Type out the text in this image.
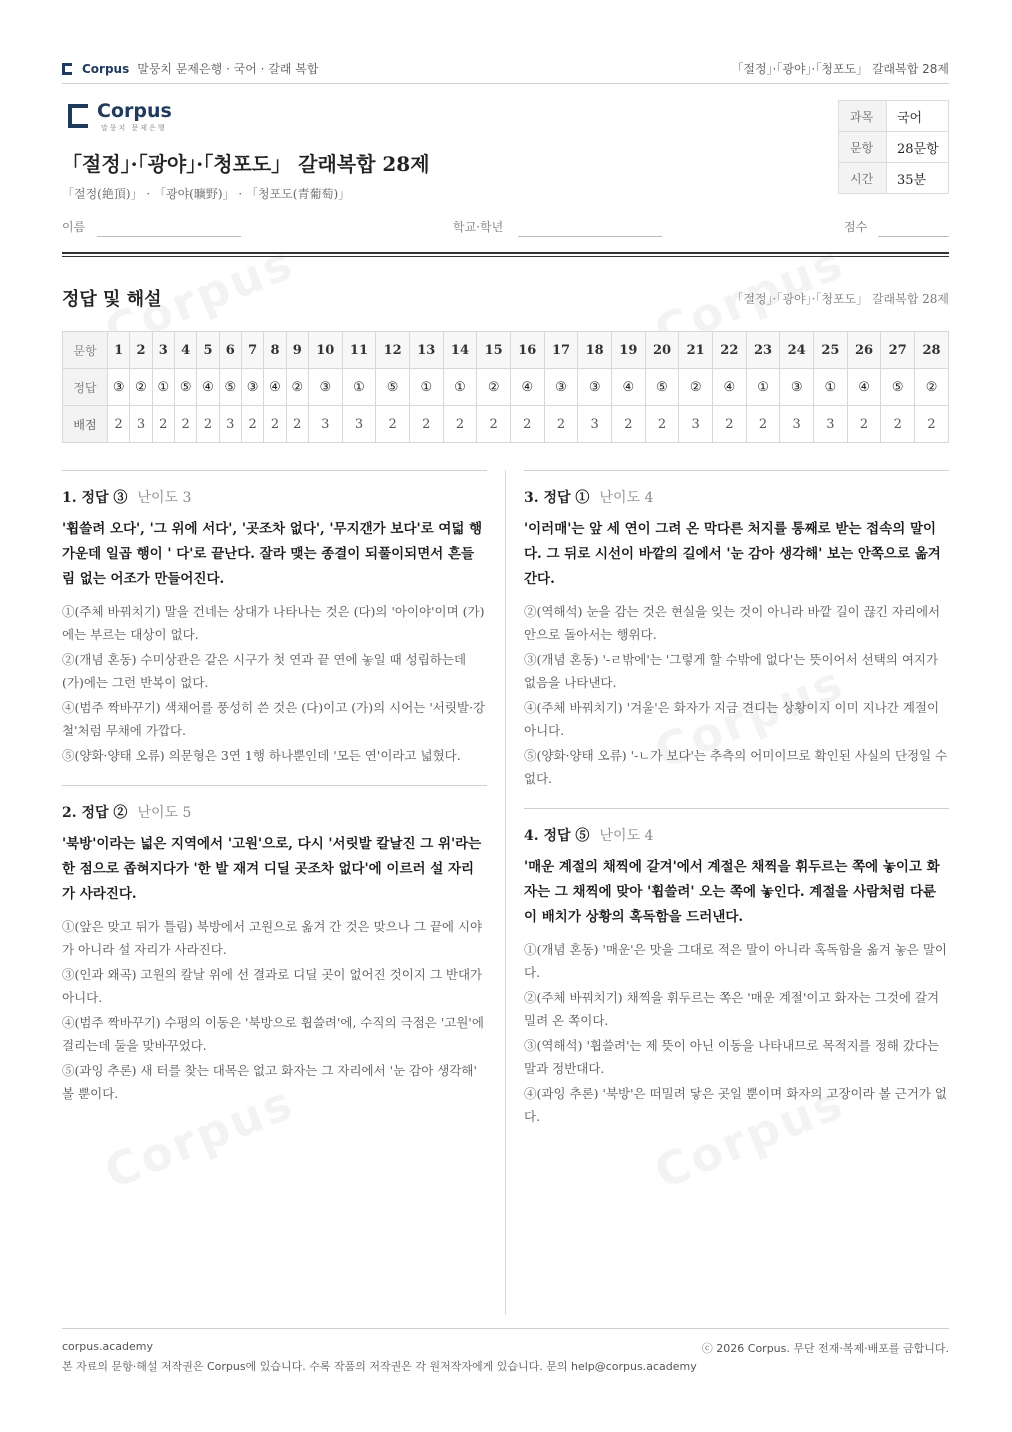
Corpus 말뭉치 문제은행 · 국어 · 갈래 복합	「절정」·「광야」·「청포도」 갈래복합 28제
Corpus
말뭉치 문제은행
「절정」·「광야」·「청포도」 갈래복합 28제
「절정(絶頂)」 · 「광야(曠野)」 · 「청포도(青葡萄)」
과목	국어
문항	28문항
시간	35분
이름	학교·학년	점수
정답 및 해설	「절정」·「광야」·「청포도」 갈래복합 28제
문항	1	2	3	4	5	6	7	8	9	10	11	12	13	14	15	16	17	18	19	20	21	22	23	24	25	26	27	28
정답	③	②	①	⑤	④	⑤	③	④	②	③	①	⑤	①	①	②	④	③	③	④	⑤	②	④	①	③	①	④	⑤	②
배점	2	3	2	2	2	3	2	2	2	3	3	2	2	2	2	2	2	3	2	2	3	2	2	3	3	2	2	2
1. 정답 ③ 난이도 3
'휩쓸려 오다', '그 위에 서다', '곳조차 없다', '무지갠가 보다'로 여덟 행 가운데 일곱 행이 ' 다'로 끝난다. 잘라 맺는 종결이 되풀이되면서 흔들림 없는 어조가 만들어진다.
①(주체 바꿔치기) 말을 건네는 상대가 나타나는 것은 (다)의 '아이야'이며 (가)에는 부르는 대상이 없다.
②(개념 혼동) 수미상관은 같은 시구가 첫 연과 끝 연에 놓일 때 성립하는데 (가)에는 그런 반복이 없다.
④(범주 짝바꾸기) 색채어를 풍성히 쓴 것은 (다)이고 (가)의 시어는 '서릿발·강철'처럼 무채에 가깝다.
⑤(양화·양태 오류) 의문형은 3연 1행 하나뿐인데 '모든 연'이라고 넓혔다.
2. 정답 ② 난이도 5
'북방'이라는 넓은 지역에서 '고원'으로, 다시 '서릿발 칼날진 그 위'라는 한 점으로 좁혀지다가 '한 발 재겨 디딜 곳조차 없다'에 이르러 설 자리가 사라진다.
①(앞은 맞고 뒤가 틀림) 북방에서 고원으로 옮겨 간 것은 맞으나 그 끝에 시야가 아니라 설 자리가 사라진다.
③(인과 왜곡) 고원의 칼날 위에 선 결과로 디딜 곳이 없어진 것이지 그 반대가 아니다.
④(범주 짝바꾸기) 수평의 이동은 '북방으로 휩쓸려'에, 수직의 극점은 '고원'에 걸리는데 둘을 맞바꾸었다.
⑤(과잉 추론) 새 터를 찾는 대목은 없고 화자는 그 자리에서 '눈 감아 생각해' 볼 뿐이다.
3. 정답 ① 난이도 4
'이러매'는 앞 세 연이 그려 온 막다른 처지를 통째로 받는 접속의 말이다. 그 뒤로 시선이 바깥의 길에서 '눈 감아 생각해' 보는 안쪽으로 옮겨 간다.
②(역해석) 눈을 감는 것은 현실을 잊는 것이 아니라 바깥 길이 끊긴 자리에서 안으로 돌아서는 행위다.
③(개념 혼동) '-ㄹ밖에'는 '그렇게 할 수밖에 없다'는 뜻이어서 선택의 여지가 없음을 나타낸다.
④(주체 바꿔치기) '겨울'은 화자가 지금 견디는 상황이지 이미 지나간 계절이 아니다.
⑤(양화·양태 오류) '-ㄴ가 보다'는 추측의 어미이므로 확인된 사실의 단정일 수 없다.
4. 정답 ⑤ 난이도 4
'매운 계절의 채찍에 갈겨'에서 계절은 채찍을 휘두르는 쪽에 놓이고 화자는 그 채찍에 맞아 '휩쓸려' 오는 쪽에 놓인다. 계절을 사람처럼 다룬 이 배치가 상황의 혹독함을 드러낸다.
①(개념 혼동) '매운'은 맛을 그대로 적은 말이 아니라 혹독함을 옮겨 놓은 말이다.
②(주체 바꿔치기) 채찍을 휘두르는 쪽은 '매운 계절'이고 화자는 그것에 갈겨 밀려 온 쪽이다.
③(역해석) '휩쓸려'는 제 뜻이 아닌 이동을 나타내므로 목적지를 정해 갔다는 말과 정반대다.
④(과잉 추론) '북방'은 떠밀려 닿은 곳일 뿐이며 화자의 고장이라 볼 근거가 없다.
corpus.academy	ⓒ 2026 Corpus. 무단 전재·복제·배포를 금합니다.
본 자료의 문항·해설 저작권은 Corpus에 있습니다. 수록 작품의 저작권은 각 원저작자에게 있습니다. 문의 help@corpus.academy
